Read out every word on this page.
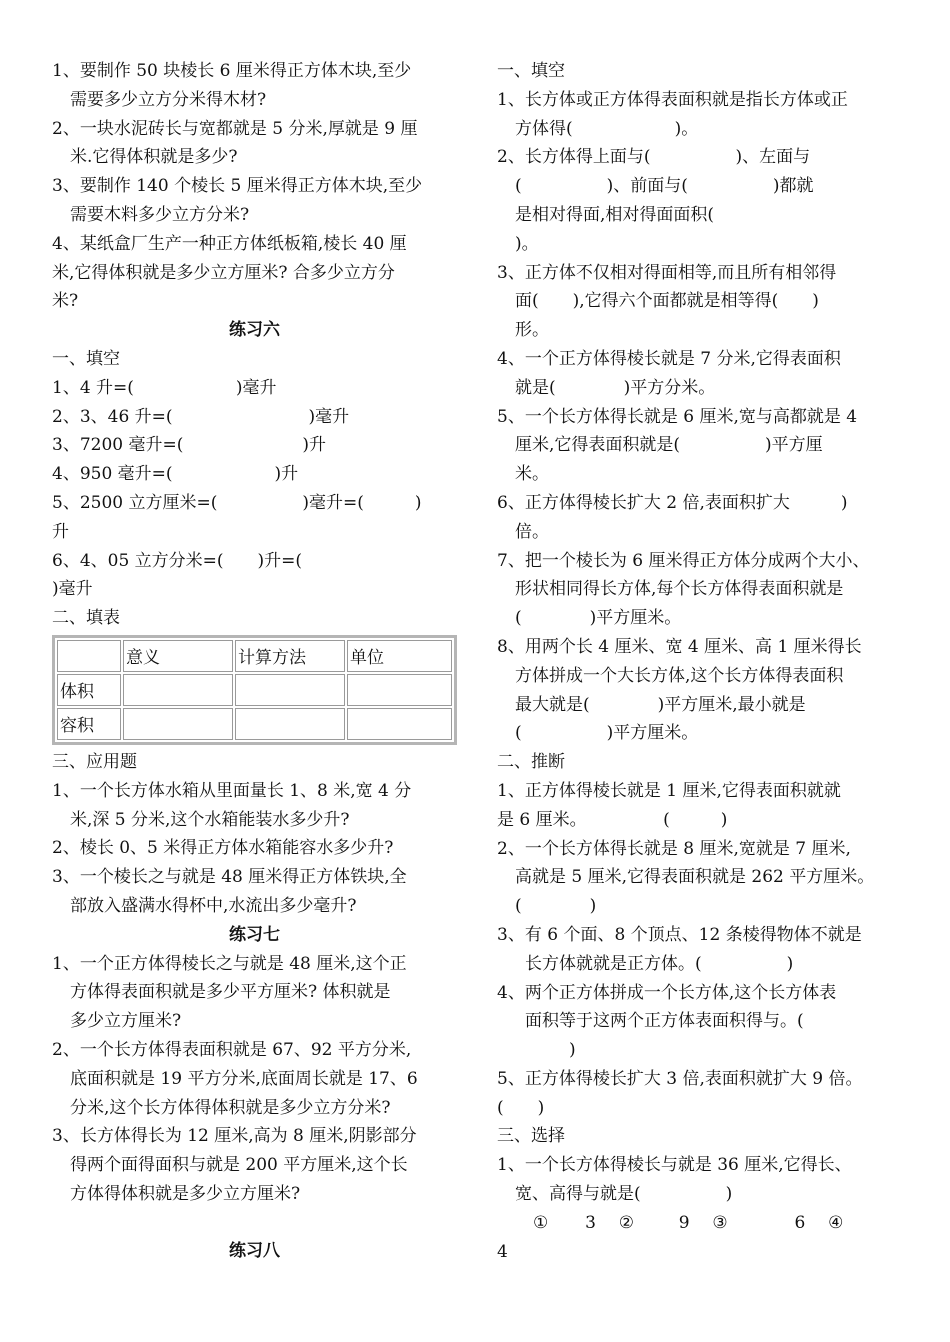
1、要制作 50 块棱长 6 厘米得正方体木块,至少
需要多少立方分米得木材?
2、一块水泥砖长与宽都就是 5 分米,厚就是 9 厘
米.它得体积就是多少?
3、要制作 140 个棱长 5 厘米得正方体木块,至少
需要木料多少立方分米?
4、某纸盒厂生产一种正方体纸板箱,棱长 40 厘
米,它得体积就是多少立方厘米? 合多少立方分
米?
练习六
一、填空
1、4 升=(　　　　　　)毫升
2、3、46 升=(　　　　　　　　)毫升
3、7200 毫升=(　　　　　　　)升
4、950 毫升=(　　　　　　)升
5、2500 立方厘米=(　　　　　)毫升=(　　　)
升
6、4、05 立方分米=(　　)升=(
)毫升
二、填表
	意义	计算方法	单位
体积			
容积			
三、应用题
1、一个长方体水箱从里面量长 1、8 米,宽 4 分
米,深 5 分米,这个水箱能装水多少升?
2、棱长 0、5 米得正方体水箱能容水多少升?
3、一个棱长之与就是 48 厘米得正方体铁块,全
部放入盛满水得杯中,水流出多少毫升?
练习七
1、一个正方体得棱长之与就是 48 厘米,这个正
方体得表面积就是多少平方厘米? 体积就是
多少立方厘米?
2、一个长方体得表面积就是 67、92 平方分米,
底面积就是 19 平方分米,底面周长就是 17、6
分米,这个长方体得体积就是多少立方分米?
3、长方体得长为 12 厘米,高为 8 厘米,阴影部分
得两个面得面积与就是 200 平方厘米,这个长
方体得体积就是多少立方厘米?
练习八
一、填空
1、长方体或正方体得表面积就是指长方体或正
方体得(　　　　　　)。
2、长方体得上面与(　　　　　)、左面与
(　　　　　)、前面与(　　　　　)都就
是相对得面,相对得面面积(
)。
3、正方体不仅相对得面相等,而且所有相邻得
面(　　),它得六个面都就是相等得(　　)
形。
4、一个正方体得棱长就是 7 分米,它得表面积
就是(　　　　)平方分米。
5、一个长方体得长就是 6 厘米,宽与高都就是 4
厘米,它得表面积就是(　　　　　)平方厘
米。
6、正方体得棱长扩大 2 倍,表面积扩大　　　)
倍。
7、把一个棱长为 6 厘米得正方体分成两个大小、
形状相同得长方体,每个长方体得表面积就是
(　　　　)平方厘米。
8、用两个长 4 厘米、宽 4 厘米、高 1 厘米得长
方体拼成一个大长方体,这个长方体得表面积
最大就是(　　　　)平方厘米,最小就是
(　　　　　)平方厘米。
二、推断
1、正方体得棱长就是 1 厘米,它得表面积就就
是 6 厘米。　　　　　(　　　)
2、一个长方体得长就是 8 厘米,宽就是 7 厘米,
高就是 5 厘米,它得表面积就是 262 平方厘米。
(　　　　)
3、有 6 个面、8 个顶点、12 条棱得物体不就是
长方体就就是正方体。(　　　　　)
4、两个正方体拼成一个长方体,这个长方体表
面积等于这两个正方体表面积得与。(
)
5、正方体得棱长扩大 3 倍,表面积就扩大 9 倍。
(　　)
三、选择
1、一个长方体得棱长与就是 36 厘米,它得长、
宽、高得与就是(　　　　　)
① 3 ②	9 ③	6 ④
4
